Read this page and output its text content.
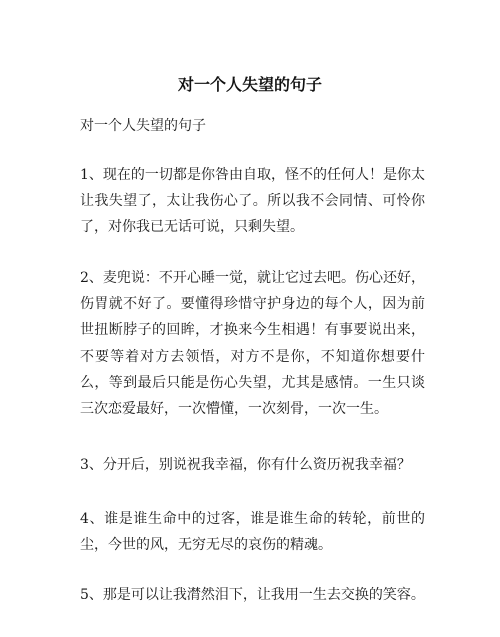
对一个人失望的句子
对一个人失望的句子

1、现在的一切都是你咎由自取，怪不的任何人！是你太让我失望了，太让我伤心了。所以我不会同情、可怜你了，对你我已无话可说，只剩失望。

2、麦兜说：不开心睡一觉，就让它过去吧。伤心还好，伤胃就不好了。要懂得珍惜守护身边的每个人，因为前世扭断脖子的回眸，才换来今生相遇！有事要说出来，不要等着对方去领悟，对方不是你，不知道你想要什么，等到最后只能是伤心失望，尤其是感情。一生只谈三次恋爱最好，一次懵懂，一次刻骨，一次一生。

3、分开后，别说祝我幸福，你有什么资历祝我幸福？

4、谁是谁生命中的过客，谁是谁生命的转轮，前世的尘，今世的风，无穷无尽的哀伤的精魂。

5、那是可以让我潸然泪下，让我用一生去交换的笑容。
